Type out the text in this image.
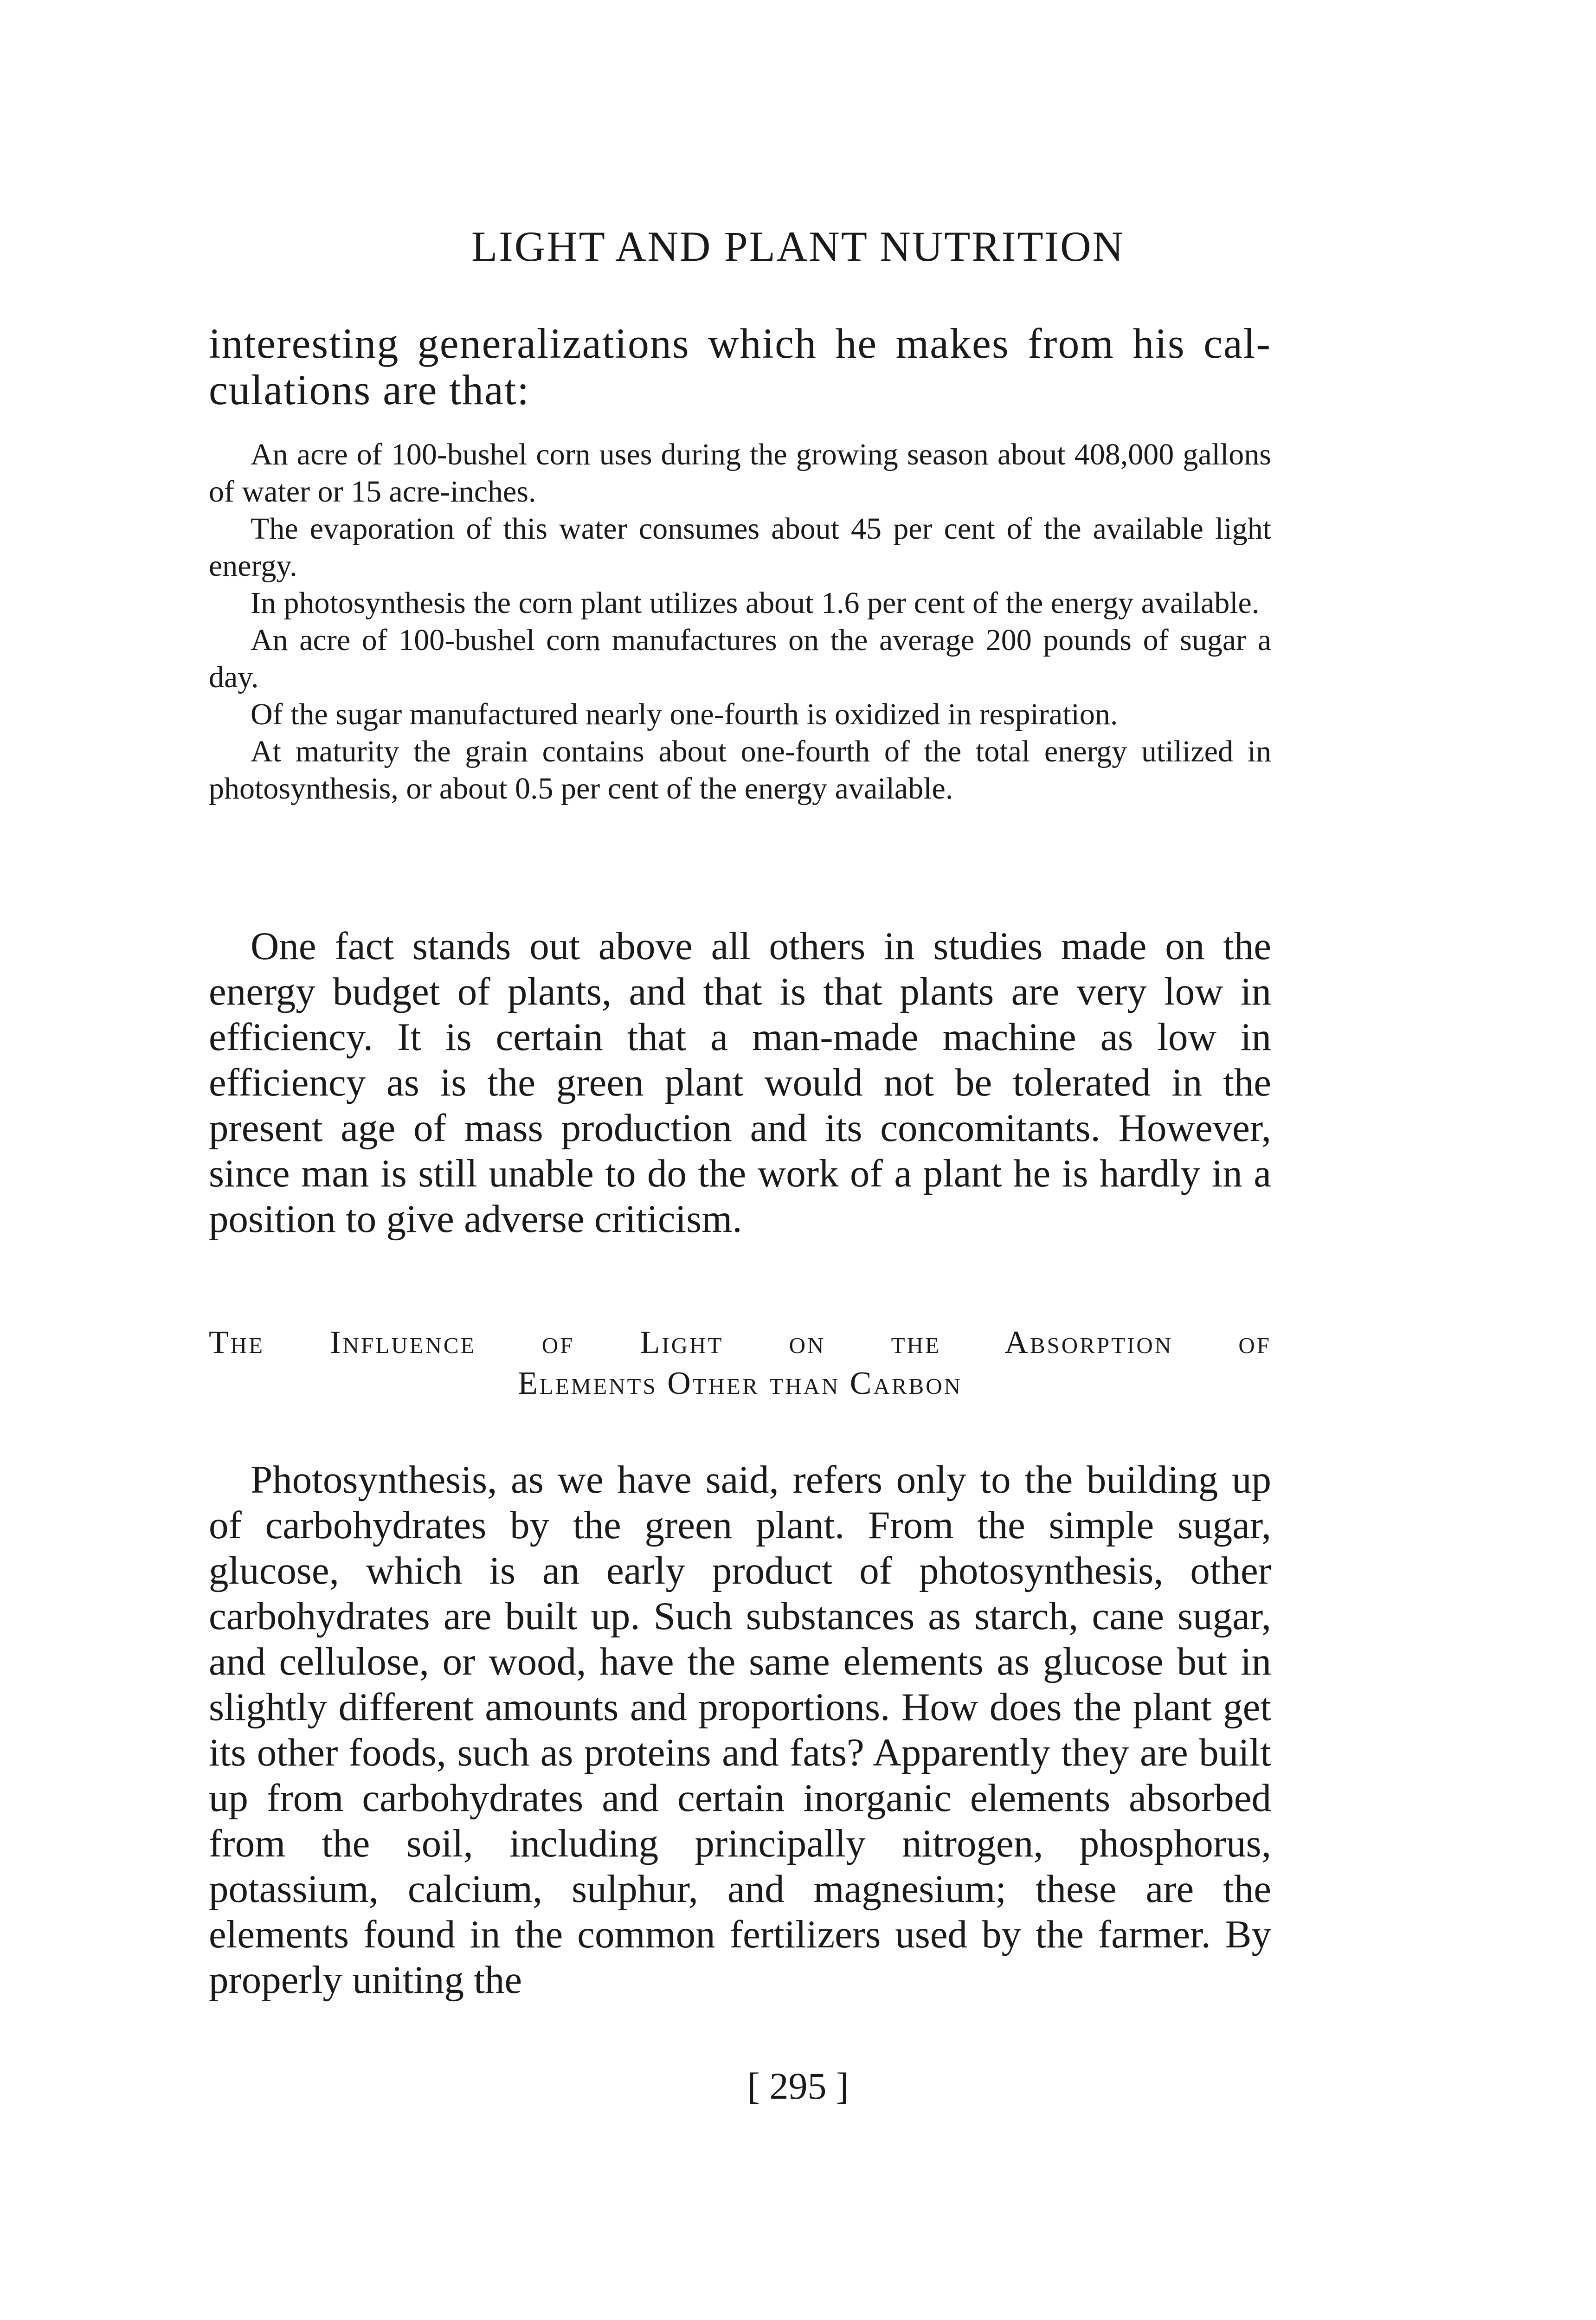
LIGHT AND PLANT NUTRITION
interesting generalizations which he makes from his cal-
culations are that:

An acre of 100-bushel corn uses during the growing season about 408,000 gallons of water or 15 acre-inches.

The evaporation of this water consumes about 45 per cent of the available light energy.

In photosynthesis the corn plant utilizes about 1.6 per cent of the energy available.

An acre of 100-bushel corn manufactures on the average 200 pounds of sugar a day.

Of the sugar manufactured nearly one-fourth is oxidized in respiration.

At maturity the grain contains about one-fourth of the total energy utilized in photosynthesis, or about 0.5 per cent of the energy available.

One fact stands out above all others in studies made on the energy budget of plants, and that is that plants are very low in efficiency. It is certain that a man-made machine as low in efficiency as is the green plant would not be tolerated in the present age of mass production and its concomitants. However, since man is still unable to do the work of a plant he is hardly in a position to give adverse criticism.

The Influence of Light on the Absorption of
Elements Other than Carbon

Photosynthesis, as we have said, refers only to the building up of carbohydrates by the green plant. From the simple sugar, glucose, which is an early product of photosynthesis, other carbohydrates are built up. Such substances as starch, cane sugar, and cellulose, or wood, have the same elements as glucose but in slightly different amounts and proportions. How does the plant get its other foods, such as proteins and fats? Apparently they are built up from carbohydrates and certain inorganic elements absorbed from the soil, including principally nitrogen, phosphorus, potassium, calcium, sulphur, and magnesium; these are the elements found in the common fertilizers used by the farmer. By properly uniting the

[ 295 ]
